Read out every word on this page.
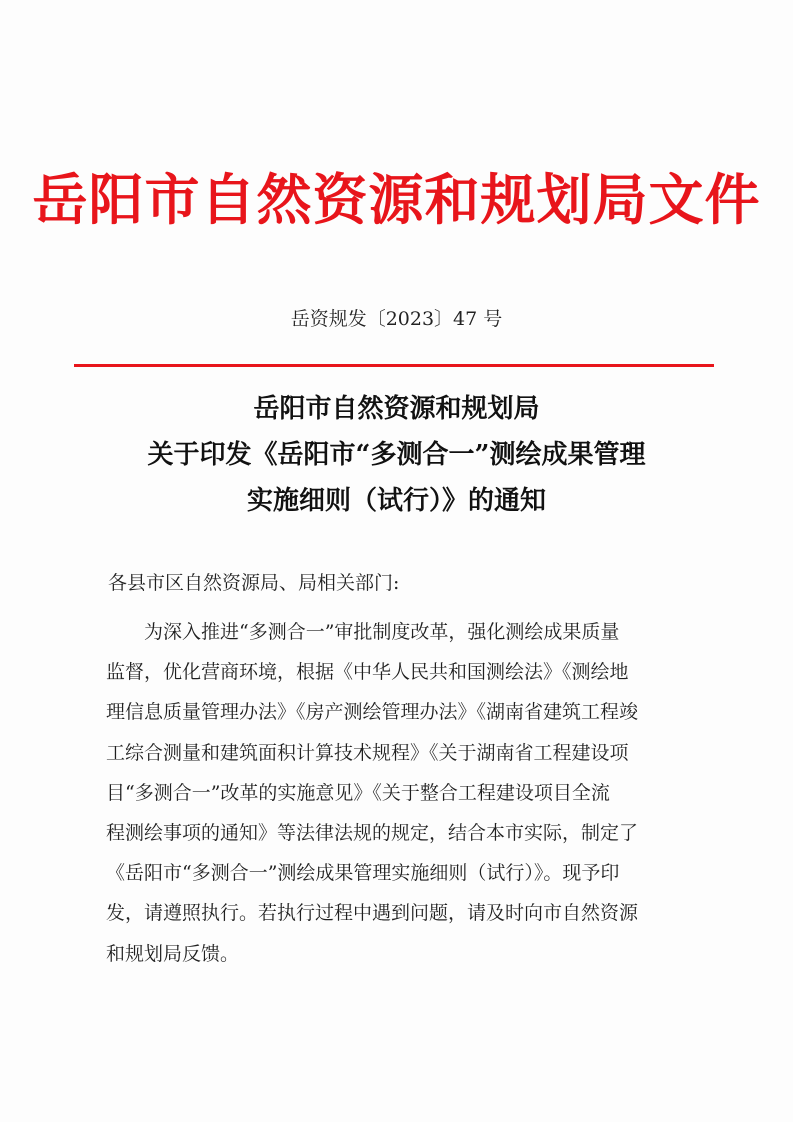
岳阳市自然资源和规划局文件
岳资规发〔2023〕47 号
岳阳市自然资源和规划局
关于印发《岳阳市“多测合一”测绘成果管理
实施细则（试行）》的通知
各县市区自然资源局、局相关部门:
为深入推进“多测合一”审批制度改革，强化测绘成果质量
监督，优化营商环境，根据《中华人民共和国测绘法》《测绘地
理信息质量管理办法》《房产测绘管理办法》《湖南省建筑工程竣
工综合测量和建筑面积计算技术规程》《关于湖南省工程建设项
目“多测合一”改革的实施意见》《关于整合工程建设项目全流
程测绘事项的通知》等法律法规的规定，结合本市实际，制定了
《岳阳市“多测合一”测绘成果管理实施细则（试行）》。现予印
发，请遵照执行。若执行过程中遇到问题，请及时向市自然资源
和规划局反馈。
